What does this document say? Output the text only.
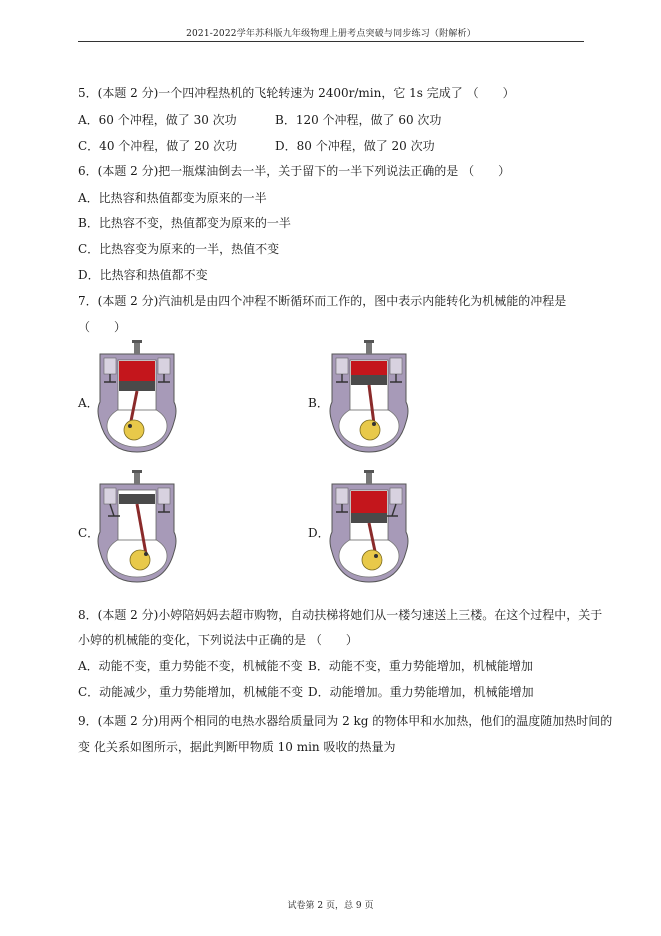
2021-2022学年苏科版九年级物理上册考点突破与同步练习（附解析）
5．(本题 2 分)一个四冲程热机的飞轮转速为 2400r/min，它 1s 完成了 （　　）
A．60 个冲程，做了 30 次功	B．120 个冲程，做了 60 次功
C．40 个冲程，做了 20 次功	D．80 个冲程，做了 20 次功
6．(本题 2 分)把一瓶煤油倒去一半，关于留下的一半下列说法正确的是 （　　）
A．比热容和热值都变为原来的一半
B．比热容不变，热值都变为原来的一半
C．比热容变为原来的一半，热值不变
D．比热容和热值都不变
7．(本题 2 分)汽油机是由四个冲程不断循环而工作的，图中表示内能转化为机械能的冲程是
（　　）
A．	B．
C．	D．
8．(本题 2 分)小婷陪妈妈去超市购物，自动扶梯将她们从一楼匀速送上三楼。在这个过程中，关于
小婷的机械能的变化，下列说法中正确的是 （　　）
A．动能不变，重力势能不变，机械能不变 B．动能不变，重力势能增加，机械能增加
C．动能减少，重力势能增加，机械能不变 D．动能增加。重力势能增加，机械能增加
9．(本题 2 分)用两个相同的电热水器给质量同为 2 kg 的物体甲和水加热，他们的温度随加热时间的
变 化关系如图所示，据此判断甲物质 10 min 吸收的热量为
试卷第 2 页，总 9 页
